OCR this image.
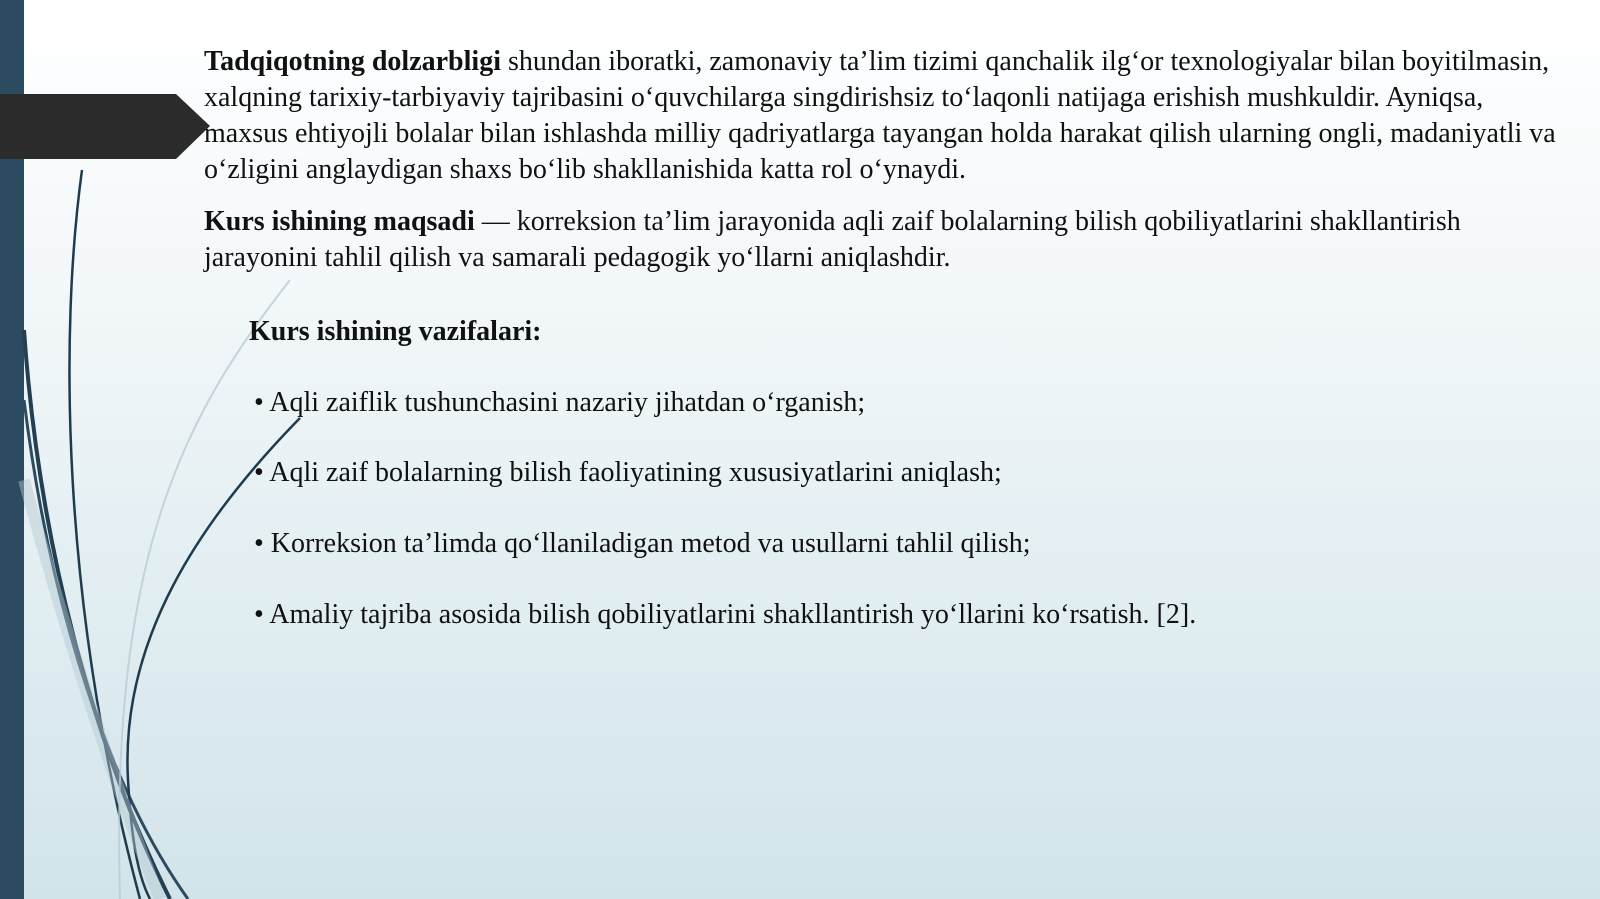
Tadqiqotning dolzarbligi shundan iboratki, zamonaviy ta’lim tizimi qanchalik ilg‘or texnologiyalar bilan boyitilmasin, xalqning tarixiy-tarbiyaviy tajribasini o‘quvchilarga singdirishsiz to‘laqonli natijaga erishish mushkuldir. Ayniqsa, maxsus ehtiyojli bolalar bilan ishlashda milliy qadriyatlarga tayangan holda harakat qilish ularning ongli, madaniyatli va o‘zligini anglaydigan shaxs bo‘lib shakllanishida katta rol o‘ynaydi.

Kurs ishining maqsadi — korreksion ta’lim jarayonida aqli zaif bolalarning bilish qobiliyatlarini shakllantirish jarayonini tahlil qilish va samarali pedagogik yo‘llarni aniqlashdir.

Kurs ishining vazifalari:
• Aqli zaiflik tushunchasini nazariy jihatdan o‘rganish;
• Aqli zaif bolalarning bilish faoliyatining xususiyatlarini aniqlash;
• Korreksion ta’limda qo‘llaniladigan metod va usullarni tahlil qilish;
• Amaliy tajriba asosida bilish qobiliyatlarini shakllantirish yo‘llarini ko‘rsatish. [2].
